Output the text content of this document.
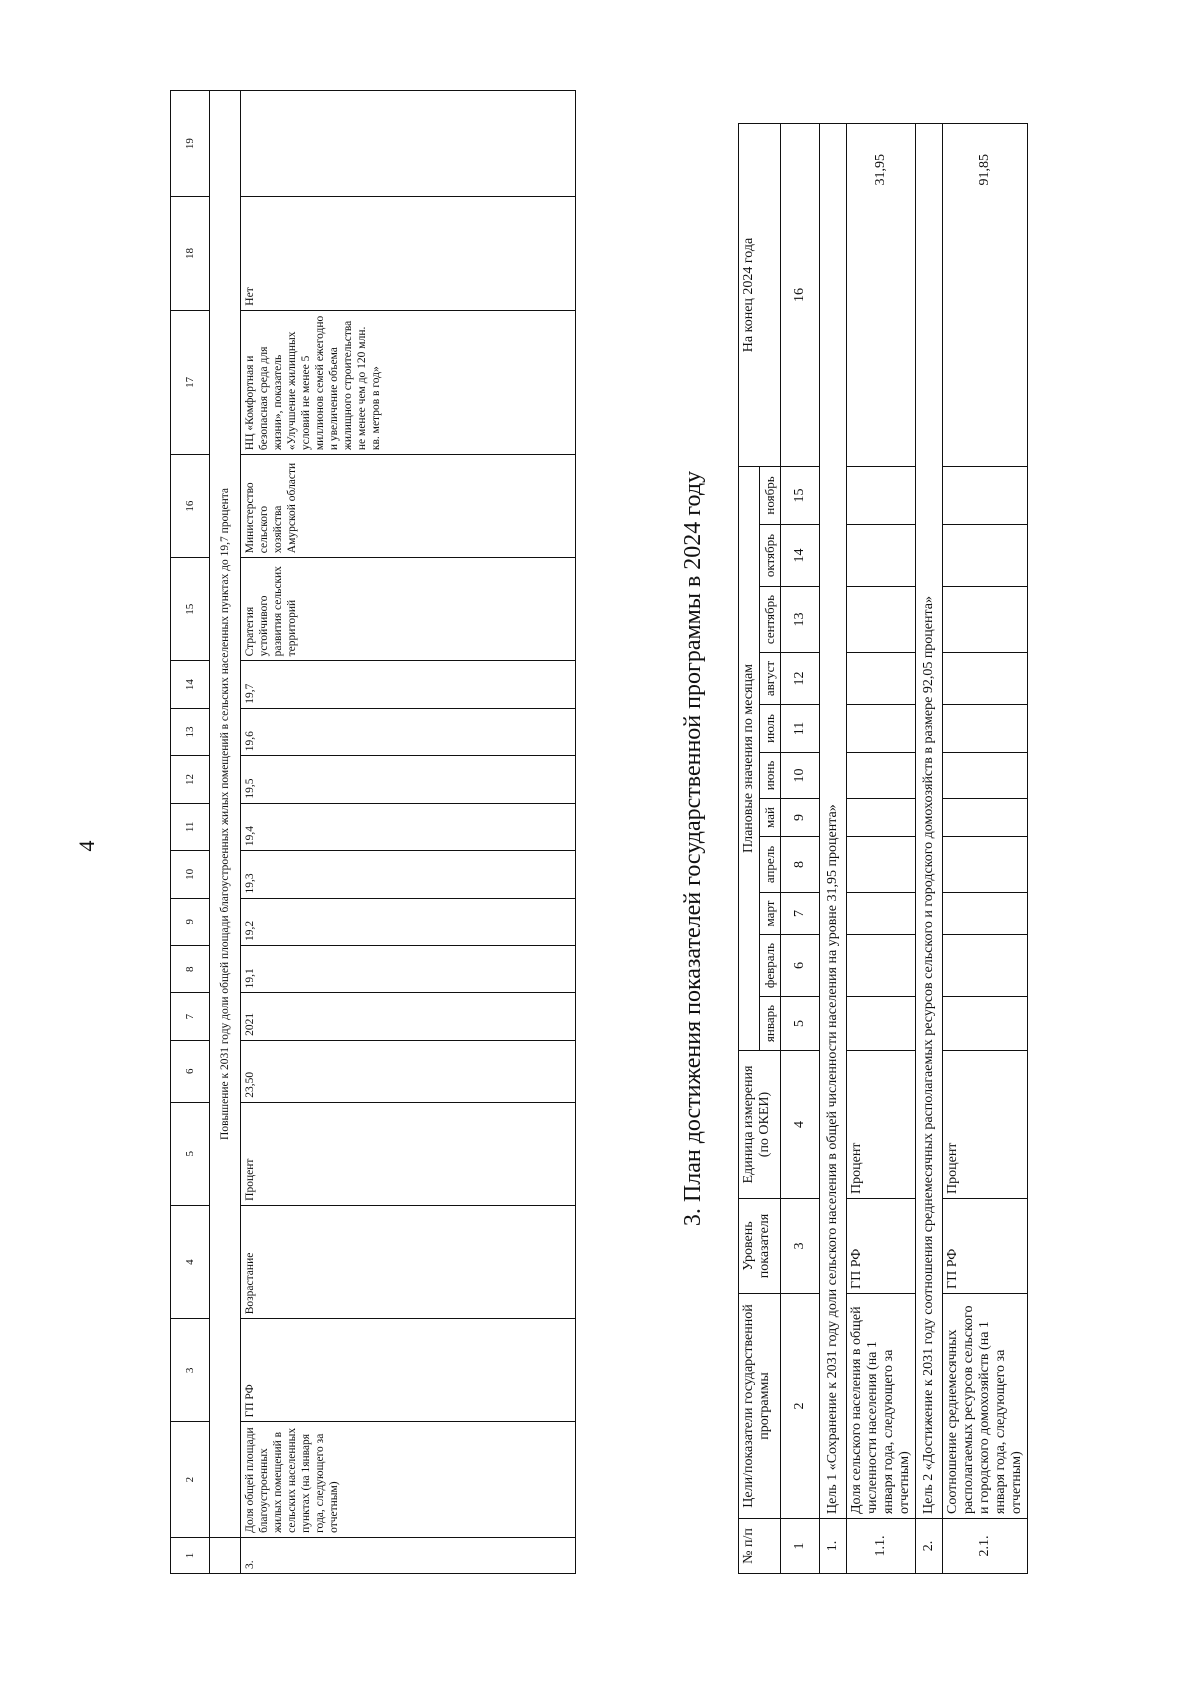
4
1	2	3	4	5	6	7	8	9	10	11	12	13	14	15	16	17	18	19
	Повышение к 2031 году доли общей площади благоустроенных жилых помещений в сельских населенных пунктах до 19,7 процента																	
3.	Доля общей площади благоустроенных жилых помещений в сельских населенных пунктах (на 1января года, следующего за отчетным)	ГП РФ	Возрастание	Процент	23,50	2021	19,1	19,2	19,3	19,4	19,5	19,6	19,7	Стратегия устойчивого развития сельских территорий	Министерство сельского хозяйства Амурской области	НЦ «Комфортная и безопасная среда для жизни», показатель «Улучшение жилищных условий не менее 5 миллионов семей ежегодно и увеличение объема жилищного строительства не менее чем до 120 млн. кв. метров в год»	Нет	
3. План достижения показателей государственной программы в 2024 году
№ п/п	Цели/показатели государственной программы	Уровень показателя	Единица измерения (по ОКЕИ)	Плановые значения по месяцам											На конец 2024 года
				январь	февраль	март	апрель	май	июнь	июль	август	сентябрь	октябрь	ноябрь	
1	2	3	4	5	6	7	8	9	10	11	12	13	14	15	16
1.	Цель 1 «Сохранение к 2031 году доли сельского населения в общей численности населения на уровне 31,95 процента»														
1.1.	Доля сельского населения в общей численности населения (на 1 января года, следующего за отчетным)	ГП РФ	Процент												31,95
2.	Цель 2 «Достижение к 2031 году соотношения среднемесячных располагаемых ресурсов сельского и городского домохозяйств в размере 92,05 процента»														
2.1.	Соотношение среднемесячных располагаемых ресурсов сельского и городского домохозяйств (на 1 января года, следующего за отчетным)	ГП РФ	Процент												91,85
